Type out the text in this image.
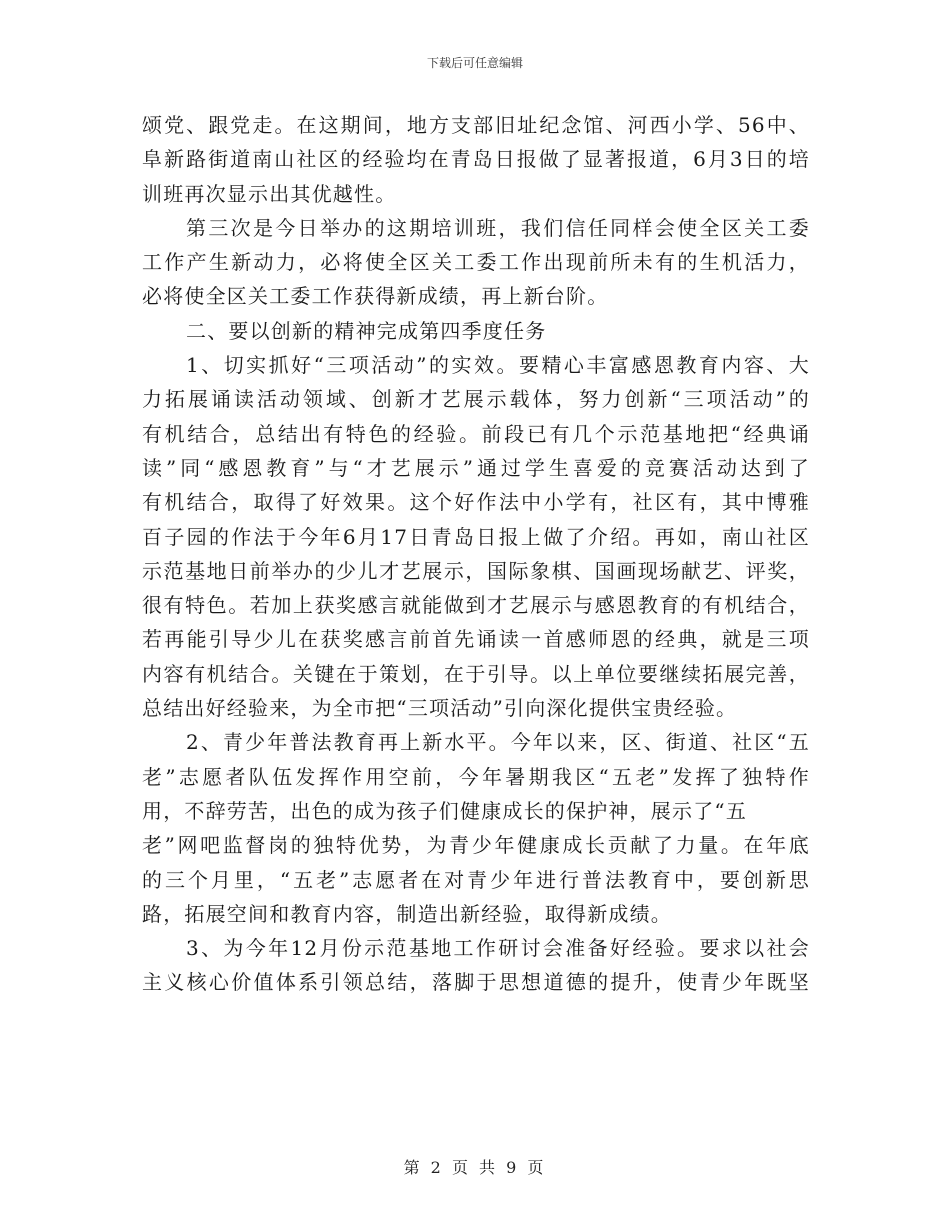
下载后可任意编辑
颂党、跟党走。在这期间，地方支部旧址纪念馆、河西小学、56中、
阜新路街道南山社区的经验均在青岛日报做了显著报道，6月3日的培
训班再次显示出其优越性。
第三次是今日举办的这期培训班，我们信任同样会使全区关工委
工作产生新动力，必将使全区关工委工作出现前所未有的生机活力，
必将使全区关工委工作获得新成绩，再上新台阶。
二、要以创新的精神完成第四季度任务
1、切实抓好“三项活动”的实效。要精心丰富感恩教育内容、大
力拓展诵读活动领域、创新才艺展示载体，努力创新“三项活动”的
有机结合，总结出有特色的经验。前段已有几个示范基地把“经典诵
读”同“感恩教育”与“才艺展示”通过学生喜爱的竞赛活动达到了
有机结合，取得了好效果。这个好作法中小学有，社区有，其中博雅
百子园的作法于今年6月17日青岛日报上做了介绍。再如，南山社区
示范基地日前举办的少儿才艺展示，国际象棋、国画现场献艺、评奖，
很有特色。若加上获奖感言就能做到才艺展示与感恩教育的有机结合，
若再能引导少儿在获奖感言前首先诵读一首感师恩的经典，就是三项
内容有机结合。关键在于策划，在于引导。以上单位要继续拓展完善，
总结出好经验来，为全市把“三项活动”引向深化提供宝贵经验。
2、青少年普法教育再上新水平。今年以来，区、街道、社区“五
老”志愿者队伍发挥作用空前，今年暑期我区“五老”发挥了独特作
用，不辞劳苦，出色的成为孩子们健康成长的保护神，展示了“五
老”网吧监督岗的独特优势，为青少年健康成长贡献了力量。在年底
的三个月里，“五老”志愿者在对青少年进行普法教育中，要创新思
路，拓展空间和教育内容，制造出新经验，取得新成绩。
3、为今年12月份示范基地工作研讨会准备好经验。要求以社会
主义核心价值体系引领总结，落脚于思想道德的提升，使青少年既坚
第 2 页 共 9 页
